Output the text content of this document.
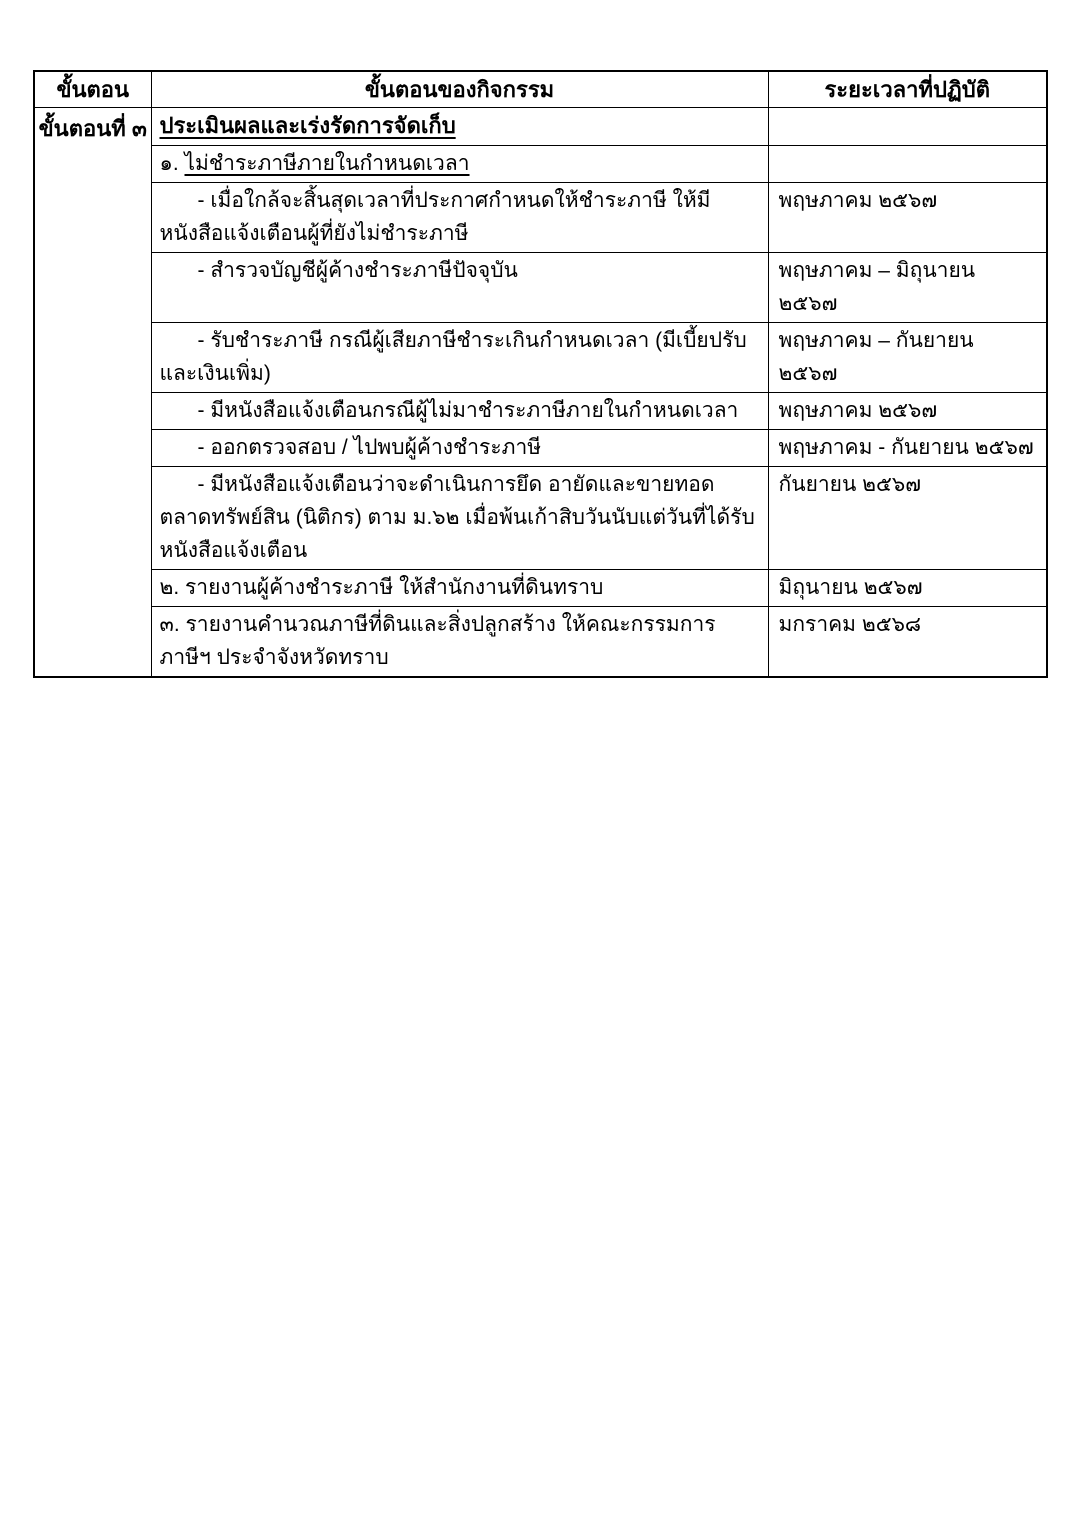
ขั้นตอน	ขั้นตอนของกิจกรรม	ระยะเวลาที่ปฏิบัติ
ขั้นตอนที่ ๓	ประเมินผลและเร่งรัดการจัดเก็บ	
	๑. ไม่ชำระภาษีภายในกำหนดเวลา	
	- เมื่อใกล้จะสิ้นสุดเวลาที่ประกาศกำหนดให้ชำระภาษี ให้มีหนังสือแจ้งเตือนผู้ที่ยังไม่ชำระภาษี	พฤษภาคม ๒๕๖๗
	- สำรวจบัญชีผู้ค้างชำระภาษีปัจจุบัน	พฤษภาคม – มิถุนายน ๒๕๖๗
	- รับชำระภาษี กรณีผู้เสียภาษีชำระเกินกำหนดเวลา (มีเบี้ยปรับและเงินเพิ่ม)	พฤษภาคม – กันยายน ๒๕๖๗
	- มีหนังสือแจ้งเตือนกรณีผู้ไม่มาชำระภาษีภายในกำหนดเวลา	พฤษภาคม ๒๕๖๗
	- ออกตรวจสอบ / ไปพบผู้ค้างชำระภาษี	พฤษภาคม - กันยายน ๒๕๖๗
	- มีหนังสือแจ้งเตือนว่าจะดำเนินการยึด อายัดและขายทอดตลาดทรัพย์สิน (นิติกร) ตาม ม.๖๒ เมื่อพ้นเก้าสิบวันนับแต่วันที่ได้รับหนังสือแจ้งเตือน	กันยายน ๒๕๖๗
	๒. รายงานผู้ค้างชำระภาษี ให้สำนักงานที่ดินทราบ	มิถุนายน ๒๕๖๗
	๓. รายงานคำนวณภาษีที่ดินและสิ่งปลูกสร้าง ให้คณะกรรมการภาษีฯ ประจำจังหวัดทราบ	มกราคม ๒๕๖๘
